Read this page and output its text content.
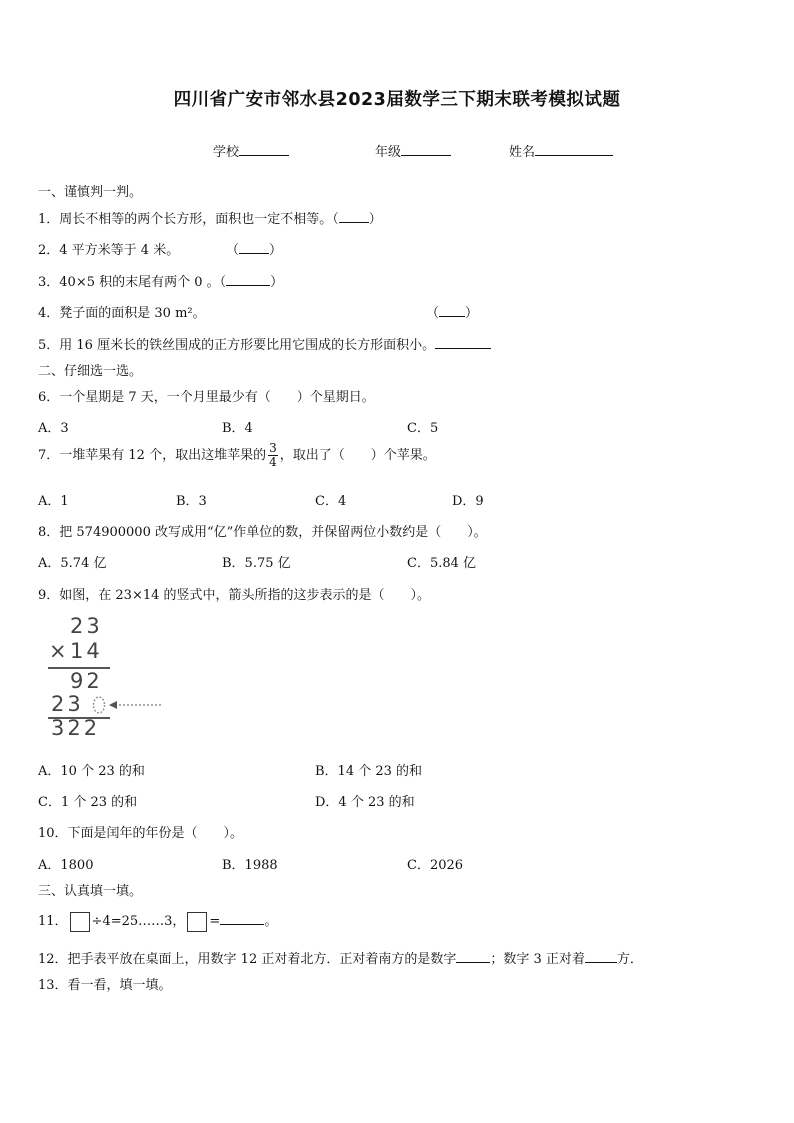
四川省广安市邻水县2023届数学三下期末联考模拟试题
学校	年级	姓名
一、谨慎判一判。
1．周长不相等的两个长方形，面积也一定不相等。（ ）
2．4 平方米等于 4 米。	（ ）
3．40×5 积的末尾有两个 0 。（	）
4．凳子面的面积是 30 m²。	（ ）
5．用 16 厘米长的铁丝围成的正方形要比用它围成的长方形面积小。
二、仔细选一选。
6．一个星期是 7 天，一个月里最少有（　　）个星期日。
A．3	B．4	C．5
7．一堆苹果有 12 个，取出这堆苹果的 $\frac{3}{4}$ ，取出了（　　）个苹果。
A．1	B．3	C．4	D．9
8．把 574900000 改写成用“亿”作单位的数，并保留两位小数约是（　　）。
A．5.74 亿	B．5.75 亿	C．5.84 亿
9．如图，在 23×14 的竖式中，箭头所指的这步表示的是（　　）。
23
× 14
92
23
322
A．10 个 23 的和	B．14 个 23 的和
C．1 个 23 的和	D．4 个 23 的和
10．下面是闰年的年份是（　　）。
A．1800	B．1988	C．2026
三、认真填一填。
11． ÷4=25……3， =	。
12．把手表平放在桌面上，用数字 12 正对着北方．正对着南方的是数字	；数字 3 正对着 方．
13．看一看，填一填。
